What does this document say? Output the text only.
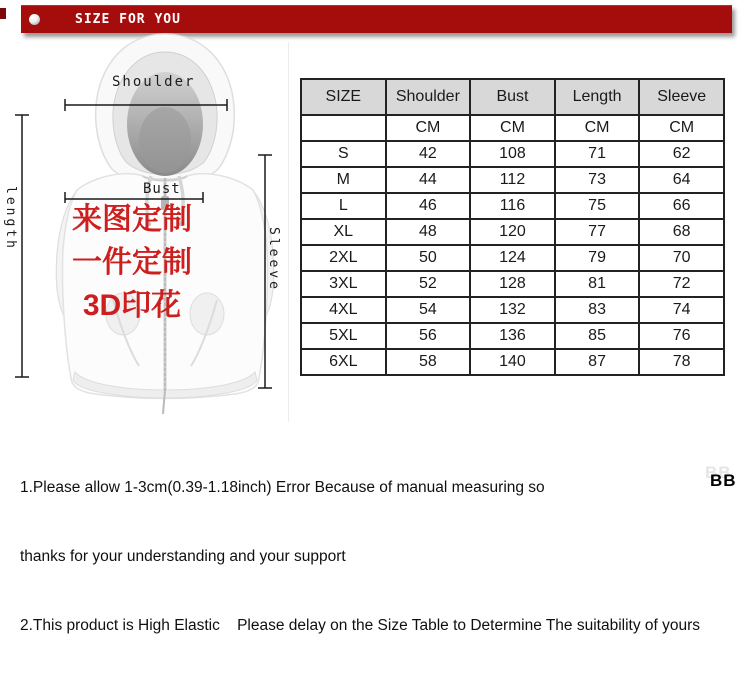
SIZE FOR YOU
Shoulder
Bust
length
Sleeve
来图定制
一件定制
3D印花
SIZE	Shoulder	Bust	Length	Sleeve
	CM	CM	CM	CM
S	42	108	71	62
M	44	112	73	64
L	46	116	75	66
XL	48	120	77	68
2XL	50	124	79	70
3XL	52	128	81	72
4XL	54	132	83	74
5XL	56	136	85	76
6XL	58	140	87	78

1.Please allow 1-3cm(0.39-1.18inch) Error Because of manual measuring so

thanks for your understanding and your support

2.This product is High Elastic    Please delay on the Size Table to Determine The suitability of yours

BB
